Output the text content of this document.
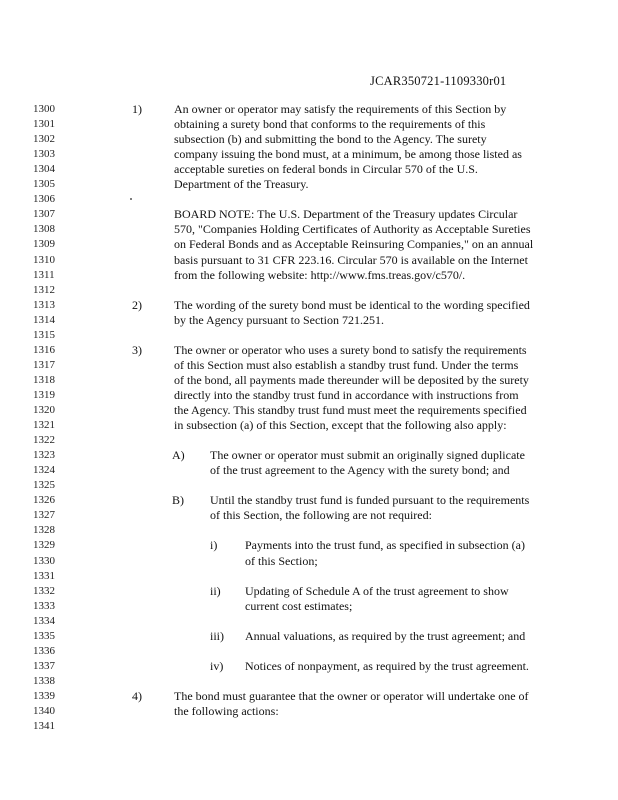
JCAR350721-1109330r01
1300	1)	An owner or operator may satisfy the requirements of this Section by
1301	obtaining a surety bond that conforms to the requirements of this
1302	subsection (b) and submitting the bond to the Agency. The surety
1303	company issuing the bond must, at a minimum, be among those listed as
1304	acceptable sureties on federal bonds in Circular 570 of the U.S.
1305	Department of the Treasury.
1306
1307	BOARD NOTE: The U.S. Department of the Treasury updates Circular
1308	570, "Companies Holding Certificates of Authority as Acceptable Sureties
1309	on Federal Bonds and as Acceptable Reinsuring Companies," on an annual
1310	basis pursuant to 31 CFR 223.16. Circular 570 is available on the Internet
1311	from the following website: http://www.fms.treas.gov/c570/.
1312
1313	2)	The wording of the surety bond must be identical to the wording specified
1314	by the Agency pursuant to Section 721.251.
1315
1316	3)	The owner or operator who uses a surety bond to satisfy the requirements
1317	of this Section must also establish a standby trust fund. Under the terms
1318	of the bond, all payments made thereunder will be deposited by the surety
1319	directly into the standby trust fund in accordance with instructions from
1320	the Agency. This standby trust fund must meet the requirements specified
1321	in subsection (a) of this Section, except that the following also apply:
1322
1323	A) The owner or operator must submit an originally signed duplicate
1324	of the trust agreement to the Agency with the surety bond; and
1325
1326	B) Until the standby trust fund is funded pursuant to the requirements
1327	of this Section, the following are not required:
1328
1329	i) Payments into the trust fund, as specified in subsection (a)
1330	of this Section;
1331
1332	ii) Updating of Schedule A of the trust agreement to show
1333	current cost estimates;
1334
1335	iii) Annual valuations, as required by the trust agreement; and
1336
1337	iv) Notices of nonpayment, as required by the trust agreement.
1338
1339	4)	The bond must guarantee that the owner or operator will undertake one of
1340	the following actions:
1341
